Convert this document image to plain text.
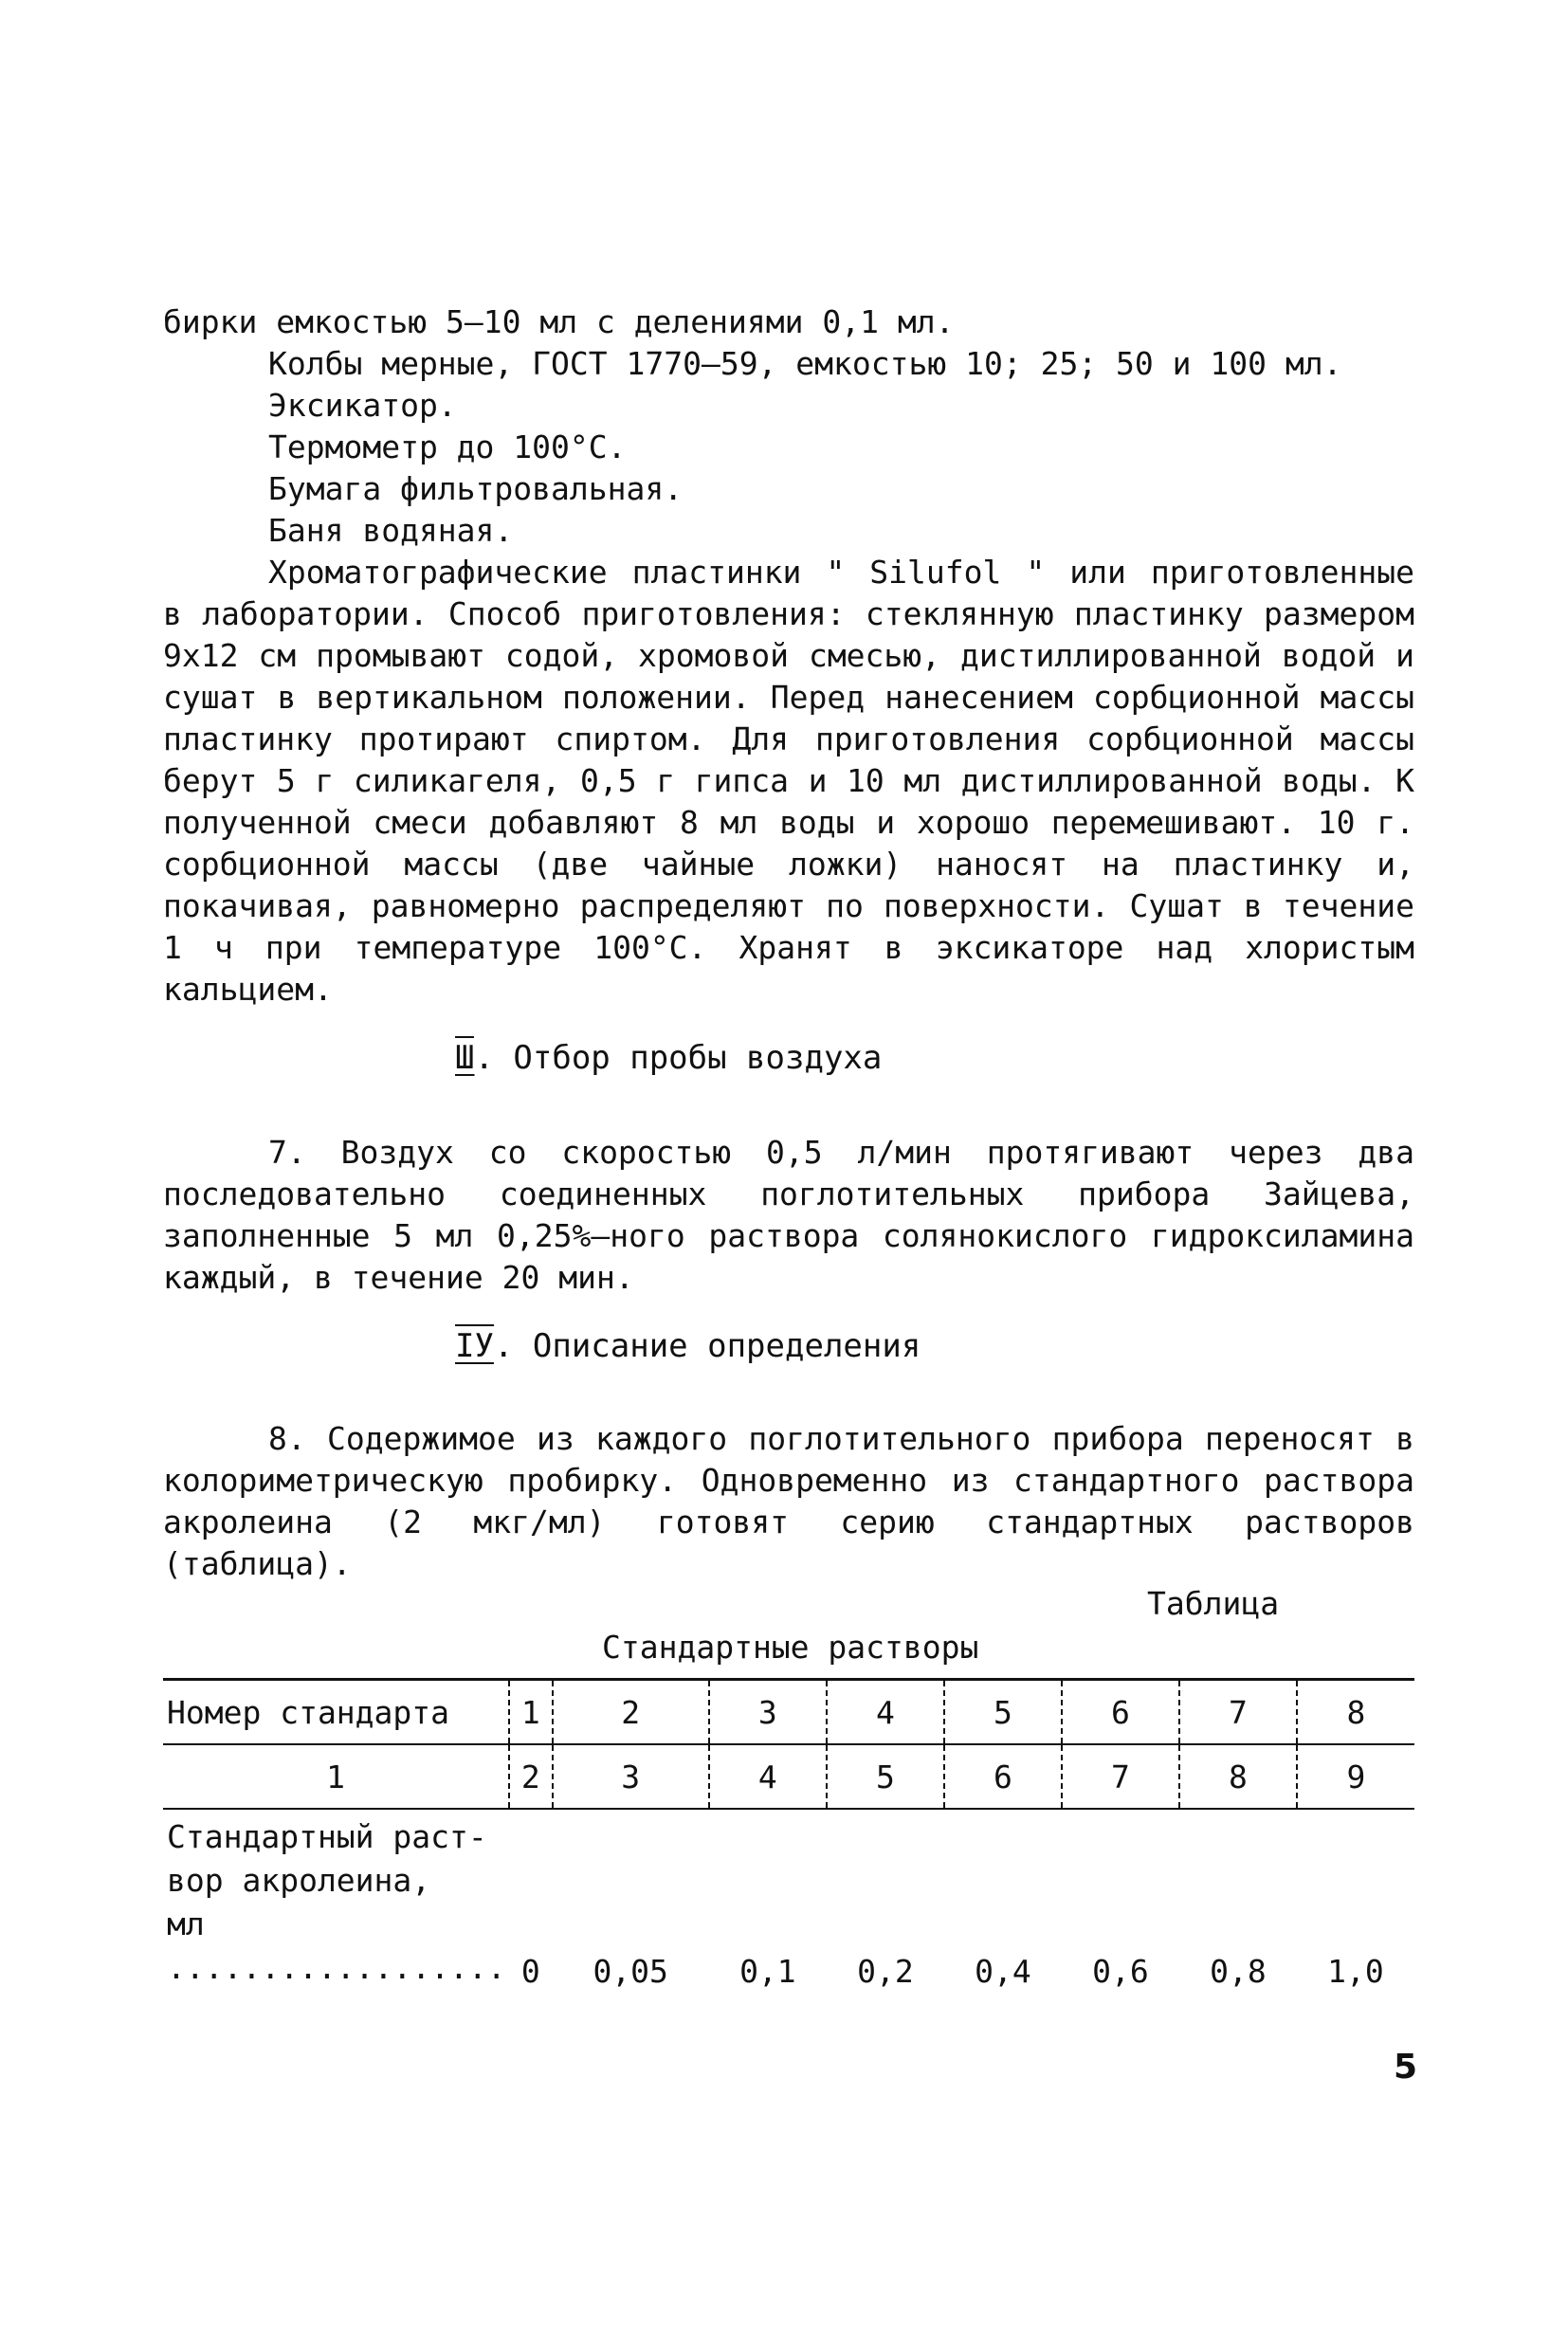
бирки емкостью 5–10 мл с делениями 0,1 мл.
Колбы мерные, ГОСТ 1770–59, емкостью 10; 25; 50 и 100 мл.
Эксикатор.
Термометр до 100°С.
Бумага фильтровальная.
Баня водяная.
Хроматографические пластинки " Silufol " или приготовленные в лаборатории. Способ приготовления: стеклянную пластинку размером 9х12 см промывают содой, хромовой смесью, дистиллированной водой и сушат в вертикальном положении. Перед нанесением сорбционной массы пластинку протирают спиртом. Для приготовления сорбционной массы берут 5 г силикагеля, 0,5 г гипса и 10 мл дистиллированной воды. К полученной смеси добавляют 8 мл воды и хорошо перемешивают. 10 г. сорбционной массы (две чайные ложки) наносят на пластинку и, покачивая, равномерно распределяют по поверхности. Сушат в течение 1 ч при температуре 100°С. Хранят в эксикаторе над хлористым кальцием.
Ш. Отбор пробы воздуха
7. Воздух со скоростью 0,5 л/мин протягивают через два последовательно соединенных поглотительных прибора Зайцева, заполненные 5 мл 0,25%–ного раствора солянокислого гидроксиламина каждый, в течение 20 мин.
IУ. Описание определения
8. Содержимое из каждого поглотительного прибора переносят в колориметрическую пробирку. Одновременно из стандартного раствора акролеина (2 мкг/мл) готовят серию стандартных растворов (таблица).
Таблица
Стандартные растворы
Номер стандарта	1	2	3	4	5	6	7	8
1	2	3	4	5	6	7	8	9
Стандартный раст-
вор акролеина,
мл ..................	0	0,05	0,1	0,2	0,4	0,6	0,8	1,0
5
